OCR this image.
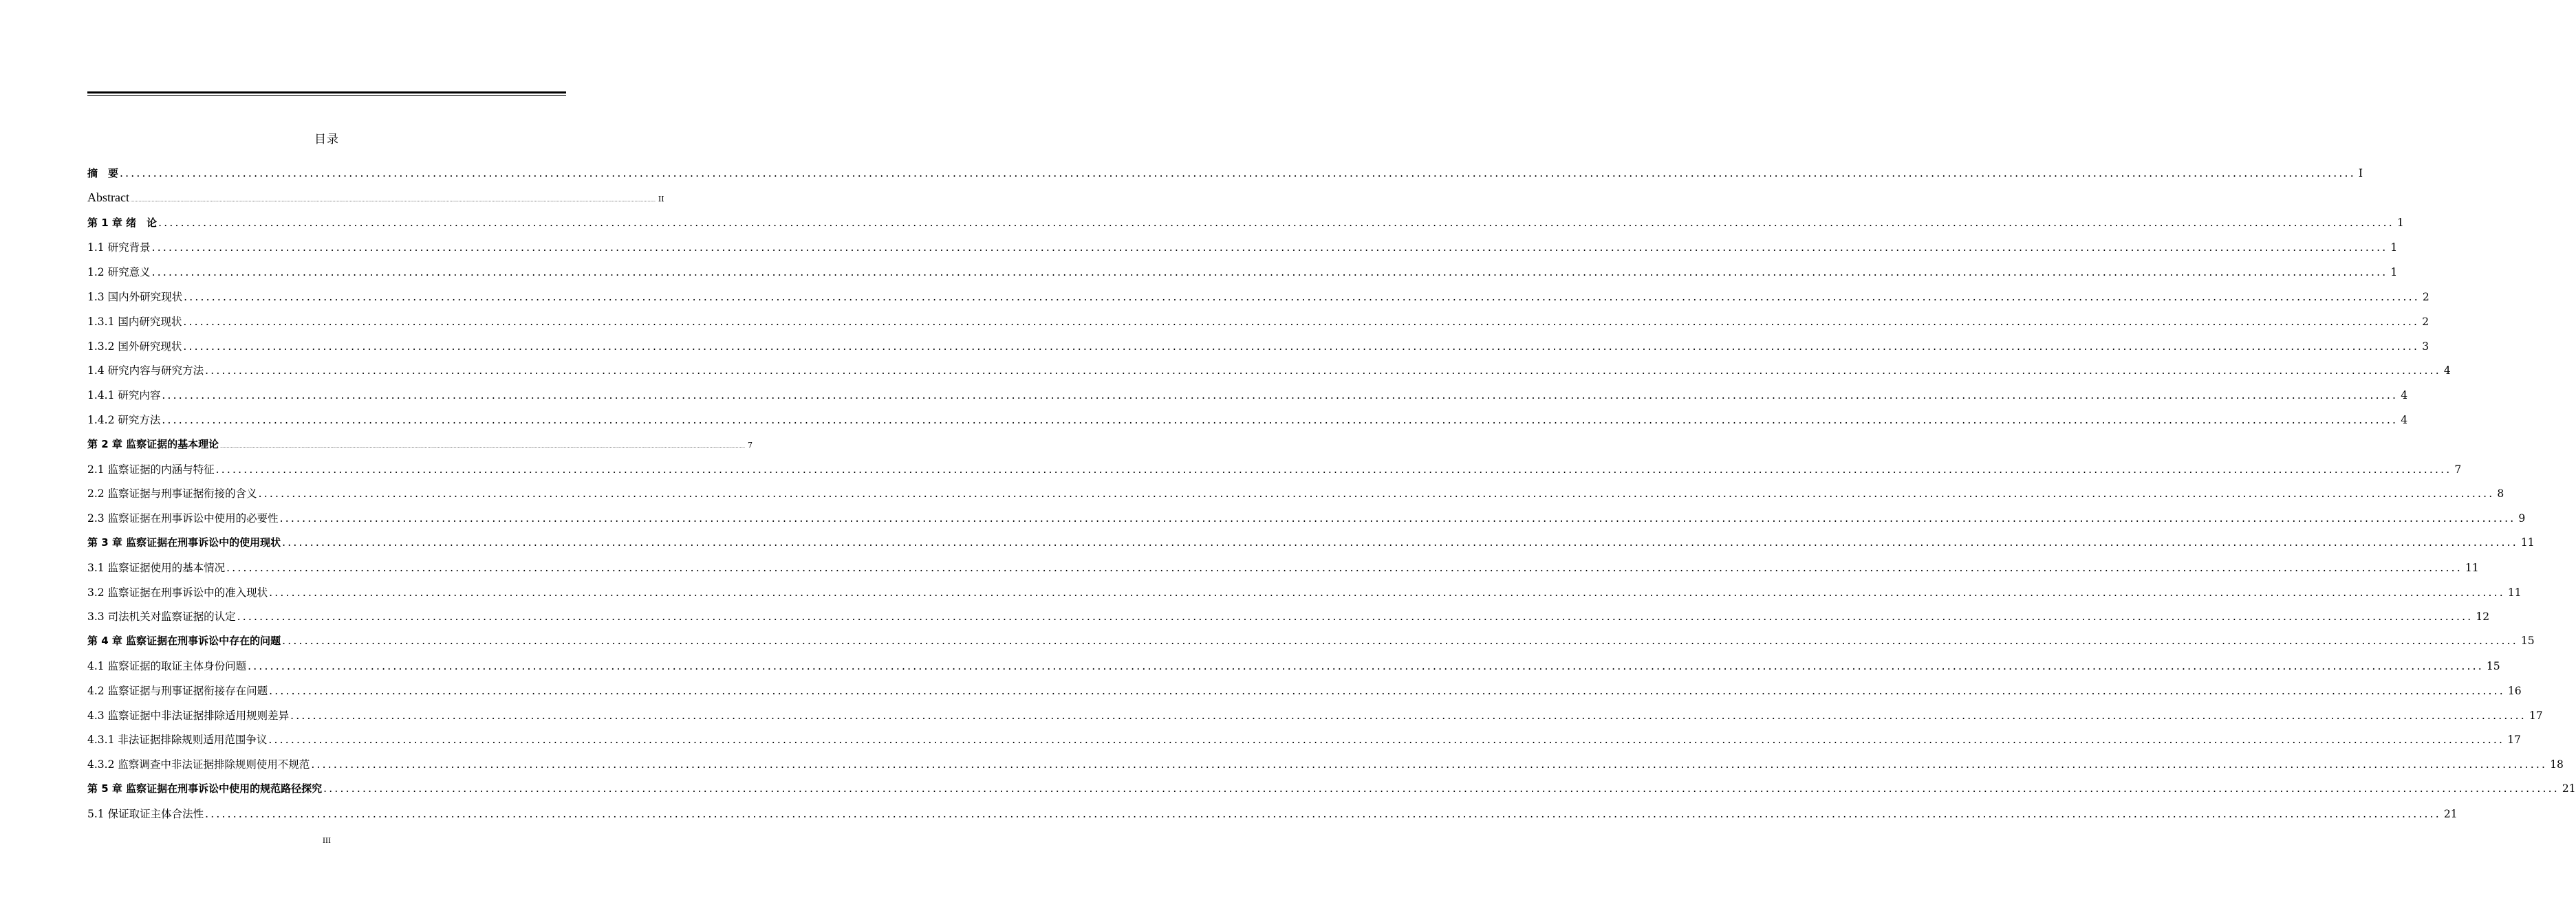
目录
摘　要 ................................................................................................................................................................................................................................................................................................................................................................................................................ I
Abstract ................................................................................................................................................................................................................................................................................................................................................................................................................ II
第 1 章 绪　论 ................................................................................................................................................................................................................................................................................................................................................................................................................ 1
1.1 研究背景 ................................................................................................................................................................................................................................................................................................................................................................................................................ 1
1.2 研究意义 ................................................................................................................................................................................................................................................................................................................................................................................................................ 1
1.3 国内外研究现状 ................................................................................................................................................................................................................................................................................................................................................................................................................ 2
1.3.1 国内研究现状 ................................................................................................................................................................................................................................................................................................................................................................................................................ 2
1.3.2 国外研究现状 ................................................................................................................................................................................................................................................................................................................................................................................................................ 3
1.4 研究内容与研究方法 ................................................................................................................................................................................................................................................................................................................................................................................................................ 4
1.4.1 研究内容 ................................................................................................................................................................................................................................................................................................................................................................................................................ 4
1.4.2 研究方法 ................................................................................................................................................................................................................................................................................................................................................................................................................ 4
第 2 章 监察证据的基本理论 ................................................................................................................................................................................................................................................................................................................................................................................................................ 7
2.1 监察证据的内涵与特征 ................................................................................................................................................................................................................................................................................................................................................................................................................ 7
2.2 监察证据与刑事证据衔接的含义 ................................................................................................................................................................................................................................................................................................................................................................................................................ 8
2.3 监察证据在刑事诉讼中使用的必要性 ................................................................................................................................................................................................................................................................................................................................................................................................................ 9
第 3 章 监察证据在刑事诉讼中的使用现状 ................................................................................................................................................................................................................................................................................................................................................................................................................ 11
3.1 监察证据使用的基本情况 ................................................................................................................................................................................................................................................................................................................................................................................................................ 11
3.2 监察证据在刑事诉讼中的准入现状 ................................................................................................................................................................................................................................................................................................................................................................................................................ 11
3.3 司法机关对监察证据的认定 ................................................................................................................................................................................................................................................................................................................................................................................................................ 12
第 4 章 监察证据在刑事诉讼中存在的问题 ................................................................................................................................................................................................................................................................................................................................................................................................................ 15
4.1 监察证据的取证主体身份问题 ................................................................................................................................................................................................................................................................................................................................................................................................................ 15
4.2 监察证据与刑事证据衔接存在问题 ................................................................................................................................................................................................................................................................................................................................................................................................................ 16
4.3 监察证据中非法证据排除适用规则差异 ................................................................................................................................................................................................................................................................................................................................................................................................................ 17
4.3.1 非法证据排除规则适用范围争议 ................................................................................................................................................................................................................................................................................................................................................................................................................ 17
4.3.2 监察调查中非法证据排除规则使用不规范 ................................................................................................................................................................................................................................................................................................................................................................................................................ 18
第 5 章 监察证据在刑事诉讼中使用的规范路径探究 ................................................................................................................................................................................................................................................................................................................................................................................................................ 21
5.1 保证取证主体合法性 ................................................................................................................................................................................................................................................................................................................................................................................................................ 21
III
